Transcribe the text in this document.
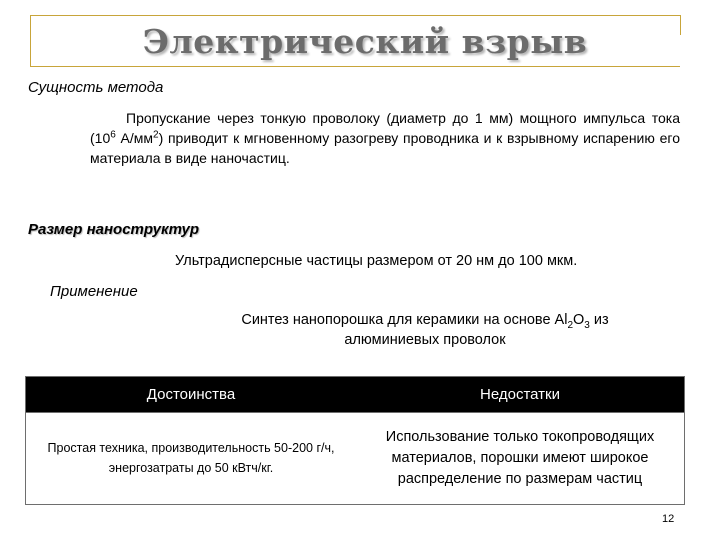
Электрический взрыв
Сущность метода
Пропускание через тонкую проволоку (диаметр до 1 мм) мощного импульса тока ($10^6$ $А/мм^2$) приводит к мгновенному разогреву проводника и к взрывному испарению его материала в виде наночастиц.
Размер наноструктур
Ультрадисперсные частицы размером от 20 нм до 100 мкм.
Применение
Синтез нанопорошка для керамики на основе $Al_2O_3$ из
алюминиевых проволок
Достоинства	Недостатки
Простая техника, производительность 50-200 г/ч, энергозатраты до 50 кВтч/кг.
Использование только токопроводящих материалов, порошки имеют широкое распределение по размерам частиц
12
